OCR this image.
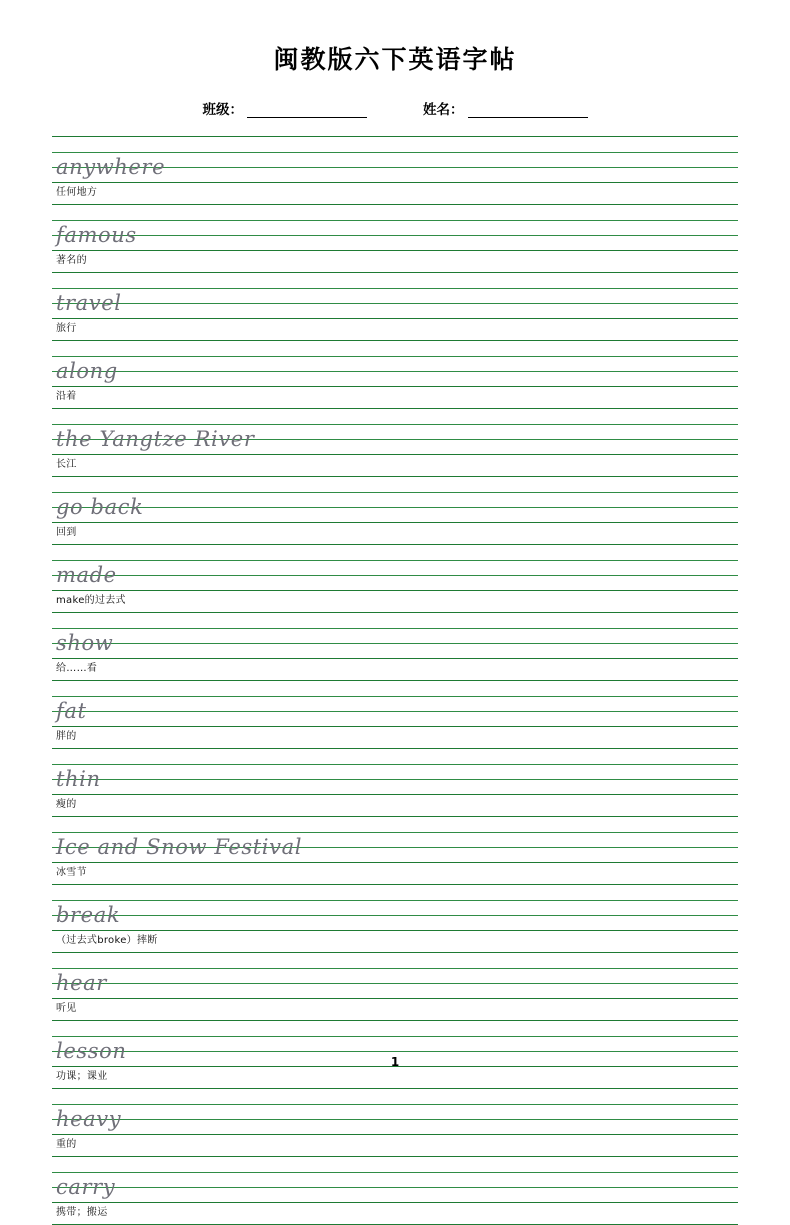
闽教版六下英语字帖
班级：	姓名：
anywhere
任何地方
famous
著名的
travel
旅行
along
沿着
the Yangtze River
长江
go back
回到
made
make的过去式
show
给……看
fat
胖的
thin
瘦的
Ice and Snow Festival
冰雪节
break
（过去式broke）摔断
hear
听见
lesson
功课；课业
heavy
重的
carry
携带；搬运
1
